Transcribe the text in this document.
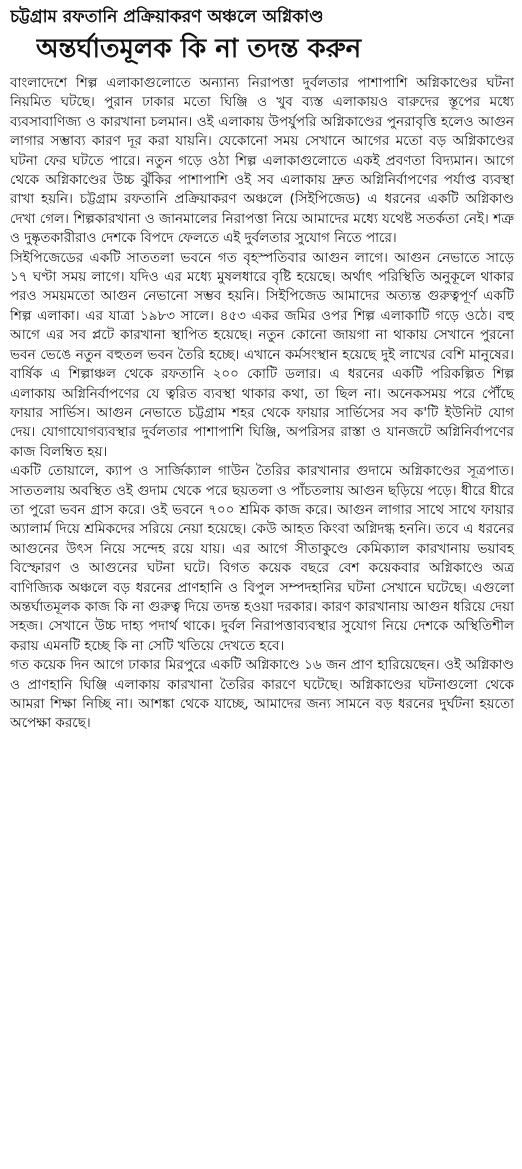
চট্টগ্রাম রফতানি প্রক্রিয়াকরণ অঞ্চলে অগ্নিকাণ্ড
অন্তর্ঘাতমূলক কি না তদন্ত করুন

বাংলাদেশে শিল্প এলাকাগুলোতে অন্যান্য নিরাপত্তা দুর্বলতার পাশাপাশি অগ্নিকাণ্ডের ঘটনা নিয়মিত ঘটছে। পুরান ঢাকার মতো ঘিঞ্জি ও খুব ব্যস্ত এলাকায়ও বারুদের স্তূপের মধ্যে ব্যবসাবাণিজ্য ও কারখানা চলমান। ওই এলাকায় উপর্যুপরি অগ্নিকাণ্ডের পুনরাবৃত্তি হলেও আগুন লাগার সম্ভাব্য কারণ দূর করা যায়নি। যেকোনো সময় সেখানে আগের মতো বড় অগ্নিকাণ্ডের ঘটনা ফের ঘটতে পারে। নতুন গড়ে ওঠা শিল্প এলাকাগুলোতে একই প্রবণতা বিদ্যমান। আগে থেকে অগ্নিকাণ্ডের উচ্চ ঝুঁকির পাশাপাশি ওই সব এলাকায় দ্রুত অগ্নিনির্বাপণের পর্যাপ্ত ব্যবস্থা রাখা হয়নি। চট্টগ্রাম রফতানি প্রক্রিয়াকরণ অঞ্চলে (সিইপিজেড) এ ধরনের একটি অগ্নিকাণ্ড দেখা গেল। শিল্পকারখানা ও জানমালের নিরাপত্তা নিয়ে আমাদের মধ্যে যথেষ্ট সতর্কতা নেই। শত্রু ও দুষ্কৃতকারীরাও দেশকে বিপদে ফেলতে এই দুর্বলতার সুযোগ নিতে পারে।

সিইপিজেডের একটি সাততলা ভবনে গত বৃহস্পতিবার আগুন লাগে। আগুন নেভাতে সাড়ে ১৭ ঘণ্টা সময় লাগে। যদিও এর মধ্যে মুষলধারে বৃষ্টি হয়েছে। অর্থাৎ পরিস্থিতি অনুকূলে থাকার পরও সময়মতো আগুন নেভানো সম্ভব হয়নি। সিইপিজেড আমাদের অত্যন্ত গুরুত্বপূর্ণ একটি শিল্প এলাকা। এর যাত্রা ১৯৮৩ সালে। ৪৫৩ একর জমির ওপর শিল্প এলাকাটি গড়ে ওঠে। বহু আগে এর সব প্লটে কারখানা স্থাপিত হয়েছে। নতুন কোনো জায়গা না থাকায় সেখানে পুরনো ভবন ভেঙে নতুন বহুতল ভবন তৈরি হচ্ছে। এখানে কর্মসংস্থান হয়েছে দুই লাখের বেশি মানুষের। বার্ষিক এ শিল্পাঞ্চল থেকে রফতানি ২০০ কোটি ডলার। এ ধরনের একটি পরিকল্পিত শিল্প এলাকায় অগ্নিনির্বাপণের যে ত্বরিত ব্যবস্থা থাকার কথা, তা ছিল না। অনেকসময় পরে পৌঁছে ফায়ার সার্ভিস। আগুন নেভাতে চট্টগ্রাম শহর থেকে ফায়ার সার্ভিসের সব ক'টি ইউনিট যোগ দেয়। যোগাযোগব্যবস্থার দুর্বলতার পাশাপাশি ঘিঞ্জি, অপরিসর রাস্তা ও যানজটে অগ্নিনির্বাপণের কাজ বিলম্বিত হয়।

একটি তোয়ালে, ক্যাপ ও সার্জিক্যাল গাউন তৈরির কারখানার গুদামে অগ্নিকাণ্ডের সূত্রপাত। সাততলায় অবস্থিত ওই গুদাম থেকে পরে ছয়তলা ও পাঁচতলায় আগুন ছড়িয়ে পড়ে। ধীরে ধীরে তা পুরো ভবন গ্রাস করে। ওই ভবনে ৭০০ শ্রমিক কাজ করে। আগুন লাগার সাথে সাথে ফায়ার অ্যালার্ম দিয়ে শ্রমিকদের সরিয়ে নেয়া হয়েছে। কেউ আহত কিংবা অগ্নিদগ্ধ হননি। তবে এ ধরনের আগুনের উৎস নিয়ে সন্দেহ রয়ে যায়। এর আগে সীতাকুণ্ডে কেমিক্যাল কারখানায় ভয়াবহ বিস্ফোরণ ও আগুনের ঘটনা ঘটে। বিগত কয়েক বছরে বেশ কয়েকবার অগ্নিকাণ্ডে অত্র বাণিজ্যিক অঞ্চলে বড় ধরনের প্রাণহানি ও বিপুল সম্পদহানির ঘটনা সেখানে ঘটেছে। এগুলো অন্তর্ঘাতমূলক কাজ কি না গুরুত্ব দিয়ে তদন্ত হওয়া দরকার। কারণ কারখানায় আগুন ধরিয়ে দেয়া সহজ। সেখানে উচ্চ দাহ্য পদার্থ থাকে। দুর্বল নিরাপত্তাব্যবস্থার সুযোগ নিয়ে দেশকে অস্থিতিশীল করায় এমনটি হচ্ছে কি না সেটি খতিয়ে দেখতে হবে।

গত কয়েক দিন আগে ঢাকার মিরপুরে একটি অগ্নিকাণ্ডে ১৬ জন প্রাণ হারিয়েছেন। ওই অগ্নিকাণ্ড ও প্রাণহানি ঘিঞ্জি এলাকায় কারখানা তৈরির কারণে ঘটেছে। অগ্নিকাণ্ডের ঘটনাগুলো থেকে আমরা শিক্ষা নিচ্ছি না। আশঙ্কা থেকে যাচ্ছে, আমাদের জন্য সামনে বড় ধরনের দুর্ঘটনা হয়তো অপেক্ষা করছে।
